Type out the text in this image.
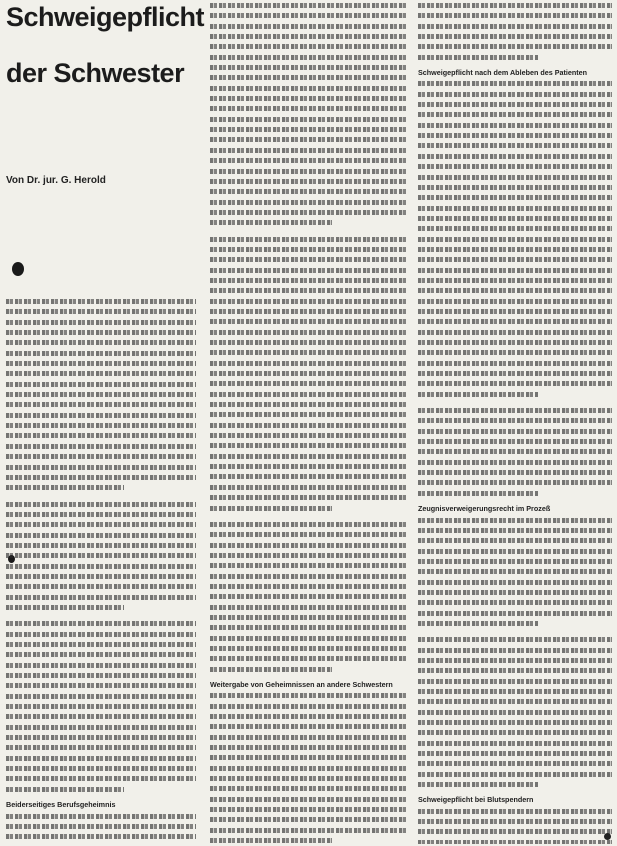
Schweigepflicht
der Schwester

Von Dr. jur. G. Herold

Beiderseitiges Berufsgeheimnis
Weitergabe von Geheimnissen an andere Schwestern
Schweigepflicht nach dem Ableben des Patienten
Zeugnisverweigerungsrecht im Prozeß
Schweigepflicht bei Blutspendern
